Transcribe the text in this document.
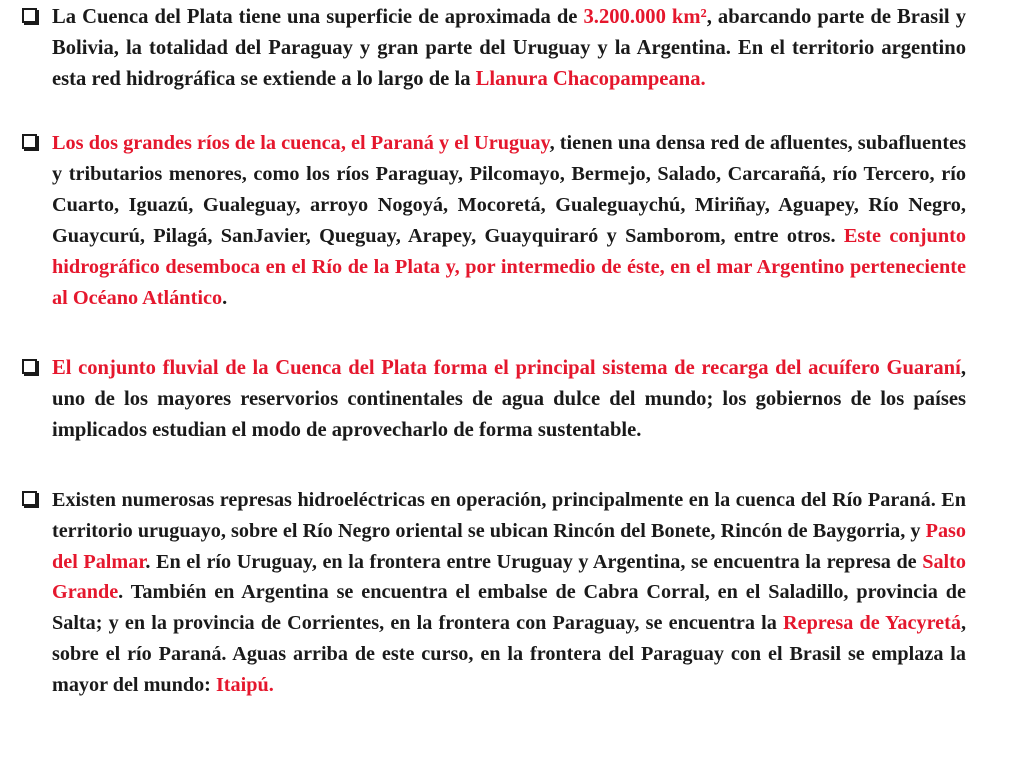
La Cuenca del Plata tiene una superficie de aproximada de 3.200.000 km², abarcando parte de Brasil y Bolivia, la totalidad del Paraguay y gran parte del Uruguay y la Argentina. En el territorio argentino esta red hidrográfica se extiende a lo largo de la Llanura Chacopampeana.
Los dos grandes ríos de la cuenca, el Paraná y el Uruguay, tienen una densa red de afluentes, subafluentes y tributarios menores, como los ríos Paraguay, Pilcomayo, Bermejo, Salado, Carcarañá, río Tercero, río Cuarto, Iguazú, Gualeguay, arroyo Nogoyá, Mocoretá, Gualeguaychú, Miriñay, Aguapey, Río Negro, Guaycurú, Pilagá, SanJavier, Queguay, Arapey, Guayquiraró y Samborom, entre otros. Este conjunto hidrográfico desemboca en el Río de la Plata y, por intermedio de éste, en el mar Argentino perteneciente al Océano Atlántico.
El conjunto fluvial de la Cuenca del Plata forma el principal sistema de recarga del acuífero Guaraní, uno de los mayores reservorios continentales de agua dulce del mundo; los gobiernos de los países implicados estudian el modo de aprovecharlo de forma sustentable.
Existen numerosas represas hidroeléctricas en operación, principalmente en la cuenca del Río Paraná. En territorio uruguayo, sobre el Río Negro oriental se ubican Rincón del Bonete, Rincón de Baygorria, y Paso del Palmar. En el río Uruguay, en la frontera entre Uruguay y Argentina, se encuentra la represa de Salto Grande. También en Argentina se encuentra el embalse de Cabra Corral, en el Saladillo, provincia de Salta; y en la provincia de Corrientes, en la frontera con Paraguay, se encuentra la Represa de Yacyretá, sobre el río Paraná. Aguas arriba de este curso, en la frontera del Paraguay con el Brasil se emplaza la mayor del mundo: Itaipú.
